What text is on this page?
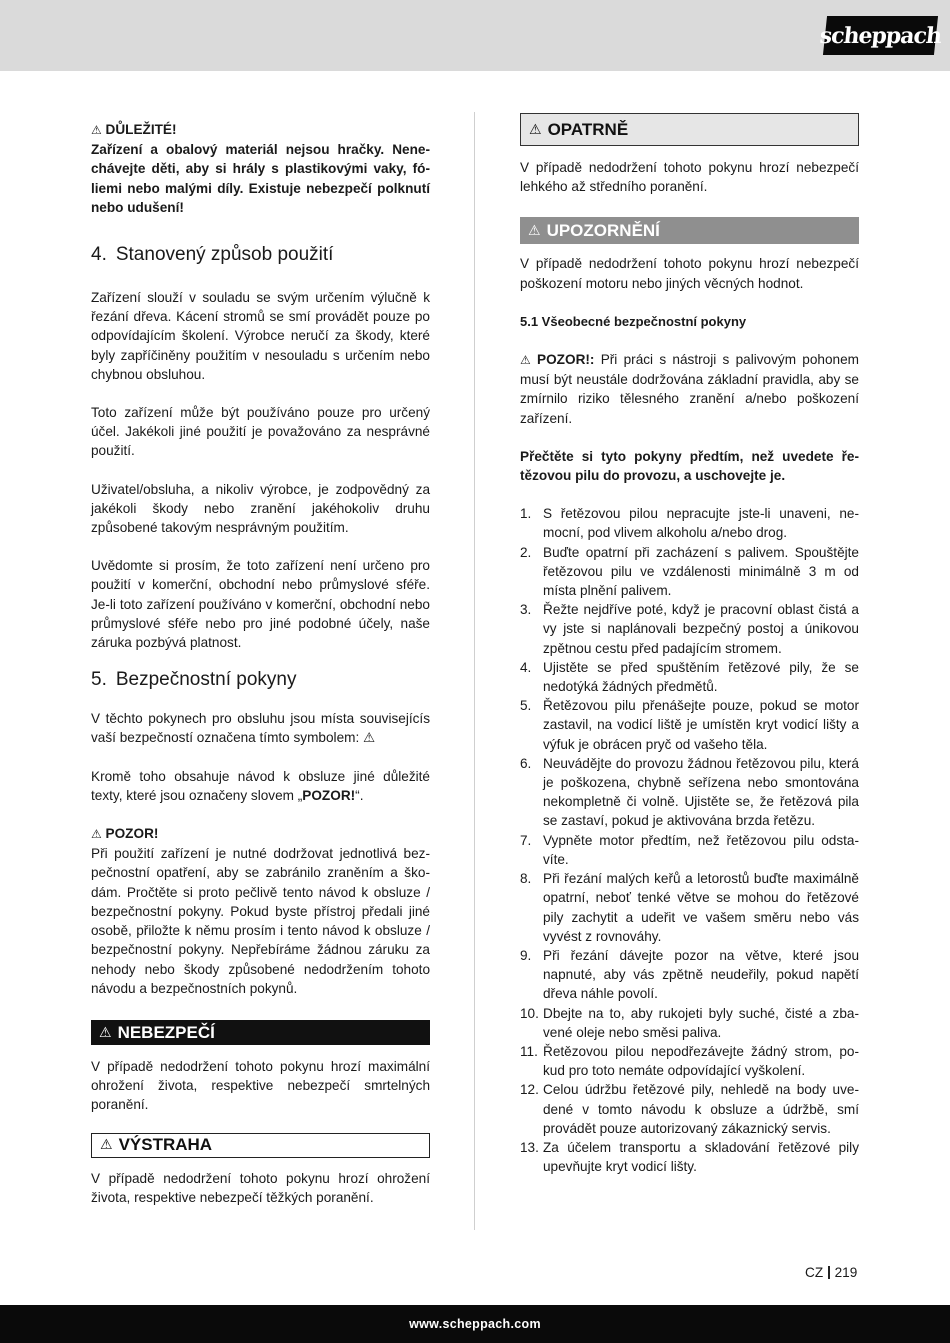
scheppach

⚠ DŮLEŽITÉ!

Zařízení a obalový materiál nejsou hračky. Nenechávejte děti, aby si hrály s plastikovými vaky, fóliemi nebo malými díly. Existuje nebezpečí polknutí nebo udušení!

4. Stanovený způsob použití

Zařízení slouží v souladu se svým určením výlučně k řezání dřeva. Kácení stromů se smí provádět pouze po odpovídajícím školení. Výrobce neručí za škody, které byly zapříčiněny použitím v nesouladu s určením nebo chybnou obsluhou.

Toto zařízení může být používáno pouze pro určený účel. Jakékoli jiné použití je považováno za nesprávné použití.

Uživatel/obsluha, a nikoliv výrobce, je zodpovědný za jakékoli škody nebo zranění jakéhokoliv druhu způsobené takovým nesprávným použitím.

Uvědomte si prosím, že toto zařízení není určeno pro použití v komerční, obchodní nebo průmyslové sféře. Je-li toto zařízení používáno v komerční, obchodní nebo průmyslové sféře nebo pro jiné podobné účely, naše záruka pozbývá platnost.

5. Bezpečnostní pokyny

V těchto pokynech pro obsluhu jsou místa souvisejícís vaší bezpečností označena tímto symbolem: ⚠

Kromě toho obsahuje návod k obsluze jiné důležité texty, které jsou označeny slovem „POZOR!“.

⚠ POZOR!

Při použití zařízení je nutné dodržovat jednotlivá bezpečnostní opatření, aby se zabránilo zraněním a škodám. Pročtěte si proto pečlivě tento návod k obsluze / bezpečnostní pokyny. Pokud byste přístroj předali jiné osobě, přiložte k němu prosím i tento návod k obsluze / bezpečnostní pokyny. Nepřebíráme žádnou záruku za nehody nebo škody způsobené nedodržením tohoto návodu a bezpečnostních pokynů.

⚠ NEBEZPEČÍ

V případě nedodržení tohoto pokynu hrozí maximální ohrožení života, respektive nebezpečí smrtelných poranění.

⚠ VÝSTRAHA

V případě nedodržení tohoto pokynu hrozí ohrožení života, respektive nebezpečí těžkých poranění.

⚠ OPATRNĚ

V případě nedodržení tohoto pokynu hrozí nebezpečí lehkého až středního poranění.

⚠ UPOZORNĚNÍ

V případě nedodržení tohoto pokynu hrozí nebezpečí poškození motoru nebo jiných věcných hodnot.

5.1 Všeobecné bezpečnostní pokyny

⚠ POZOR!: Při práci s nástroji s palivovým pohonem musí být neustále dodržována základní pravidla, aby se zmírnilo riziko tělesného zranění a/nebo poškození zařízení.

Přečtěte si tyto pokyny předtím, než uvedete řetězovou pilu do provozu, a uschovejte je.

1. S řetězovou pilou nepracujte jste-li unaveni, nemocní, pod vlivem alkoholu a/nebo drog.
2. Buďte opatrní při zacházení s palivem. Spouštějte řetězovou pilu ve vzdálenosti minimálně 3 m od místa plnění palivem.
3. Řežte nejdříve poté, když je pracovní oblast čistá a vy jste si naplánovali bezpečný postoj a únikovou zpětnou cestu před padajícím stromem.
4. Ujistěte se před spuštěním řetězové pily, že se nedotýká žádných předmětů.
5. Řetězovou pilu přenášejte pouze, pokud se motor zastavil, na vodicí liště je umístěn kryt vodicí lišty a výfuk je obrácen pryč od vašeho těla.
6. Neuvádějte do provozu žádnou řetězovou pilu, která je poškozena, chybně seřízena nebo smontována nekompletně či volně. Ujistěte se, že řetězová pila se zastaví, pokud je aktivována brzda řetězu.
7. Vypněte motor předtím, než řetězovou pilu odstavíte.
8. Při řezání malých keřů a letorostů buďte maximálně opatrní, neboť tenké větve se mohou do řetězové pily zachytit a udeřit ve vašem směru nebo vás vyvést z rovnováhy.
9. Při řezání dávejte pozor na větve, které jsou napnuté, aby vás zpětně neudeřily, pokud napětí dřeva náhle povolí.
10. Dbejte na to, aby rukojeti byly suché, čisté a zbavené oleje nebo směsi paliva.
11. Řetězovou pilou nepodřezávejte žádný strom, pokud pro toto nemáte odpovídající vyškolení.
12. Celou údržbu řetězové pily, nehledě na body uvedené v tomto návodu k obsluze a údržbě, smí provádět pouze autorizovaný zákaznický servis.
13. Za účelem transportu a skladování řetězové pily upevňujte kryt vodicí lišty.
CZ 219
www.scheppach.com
